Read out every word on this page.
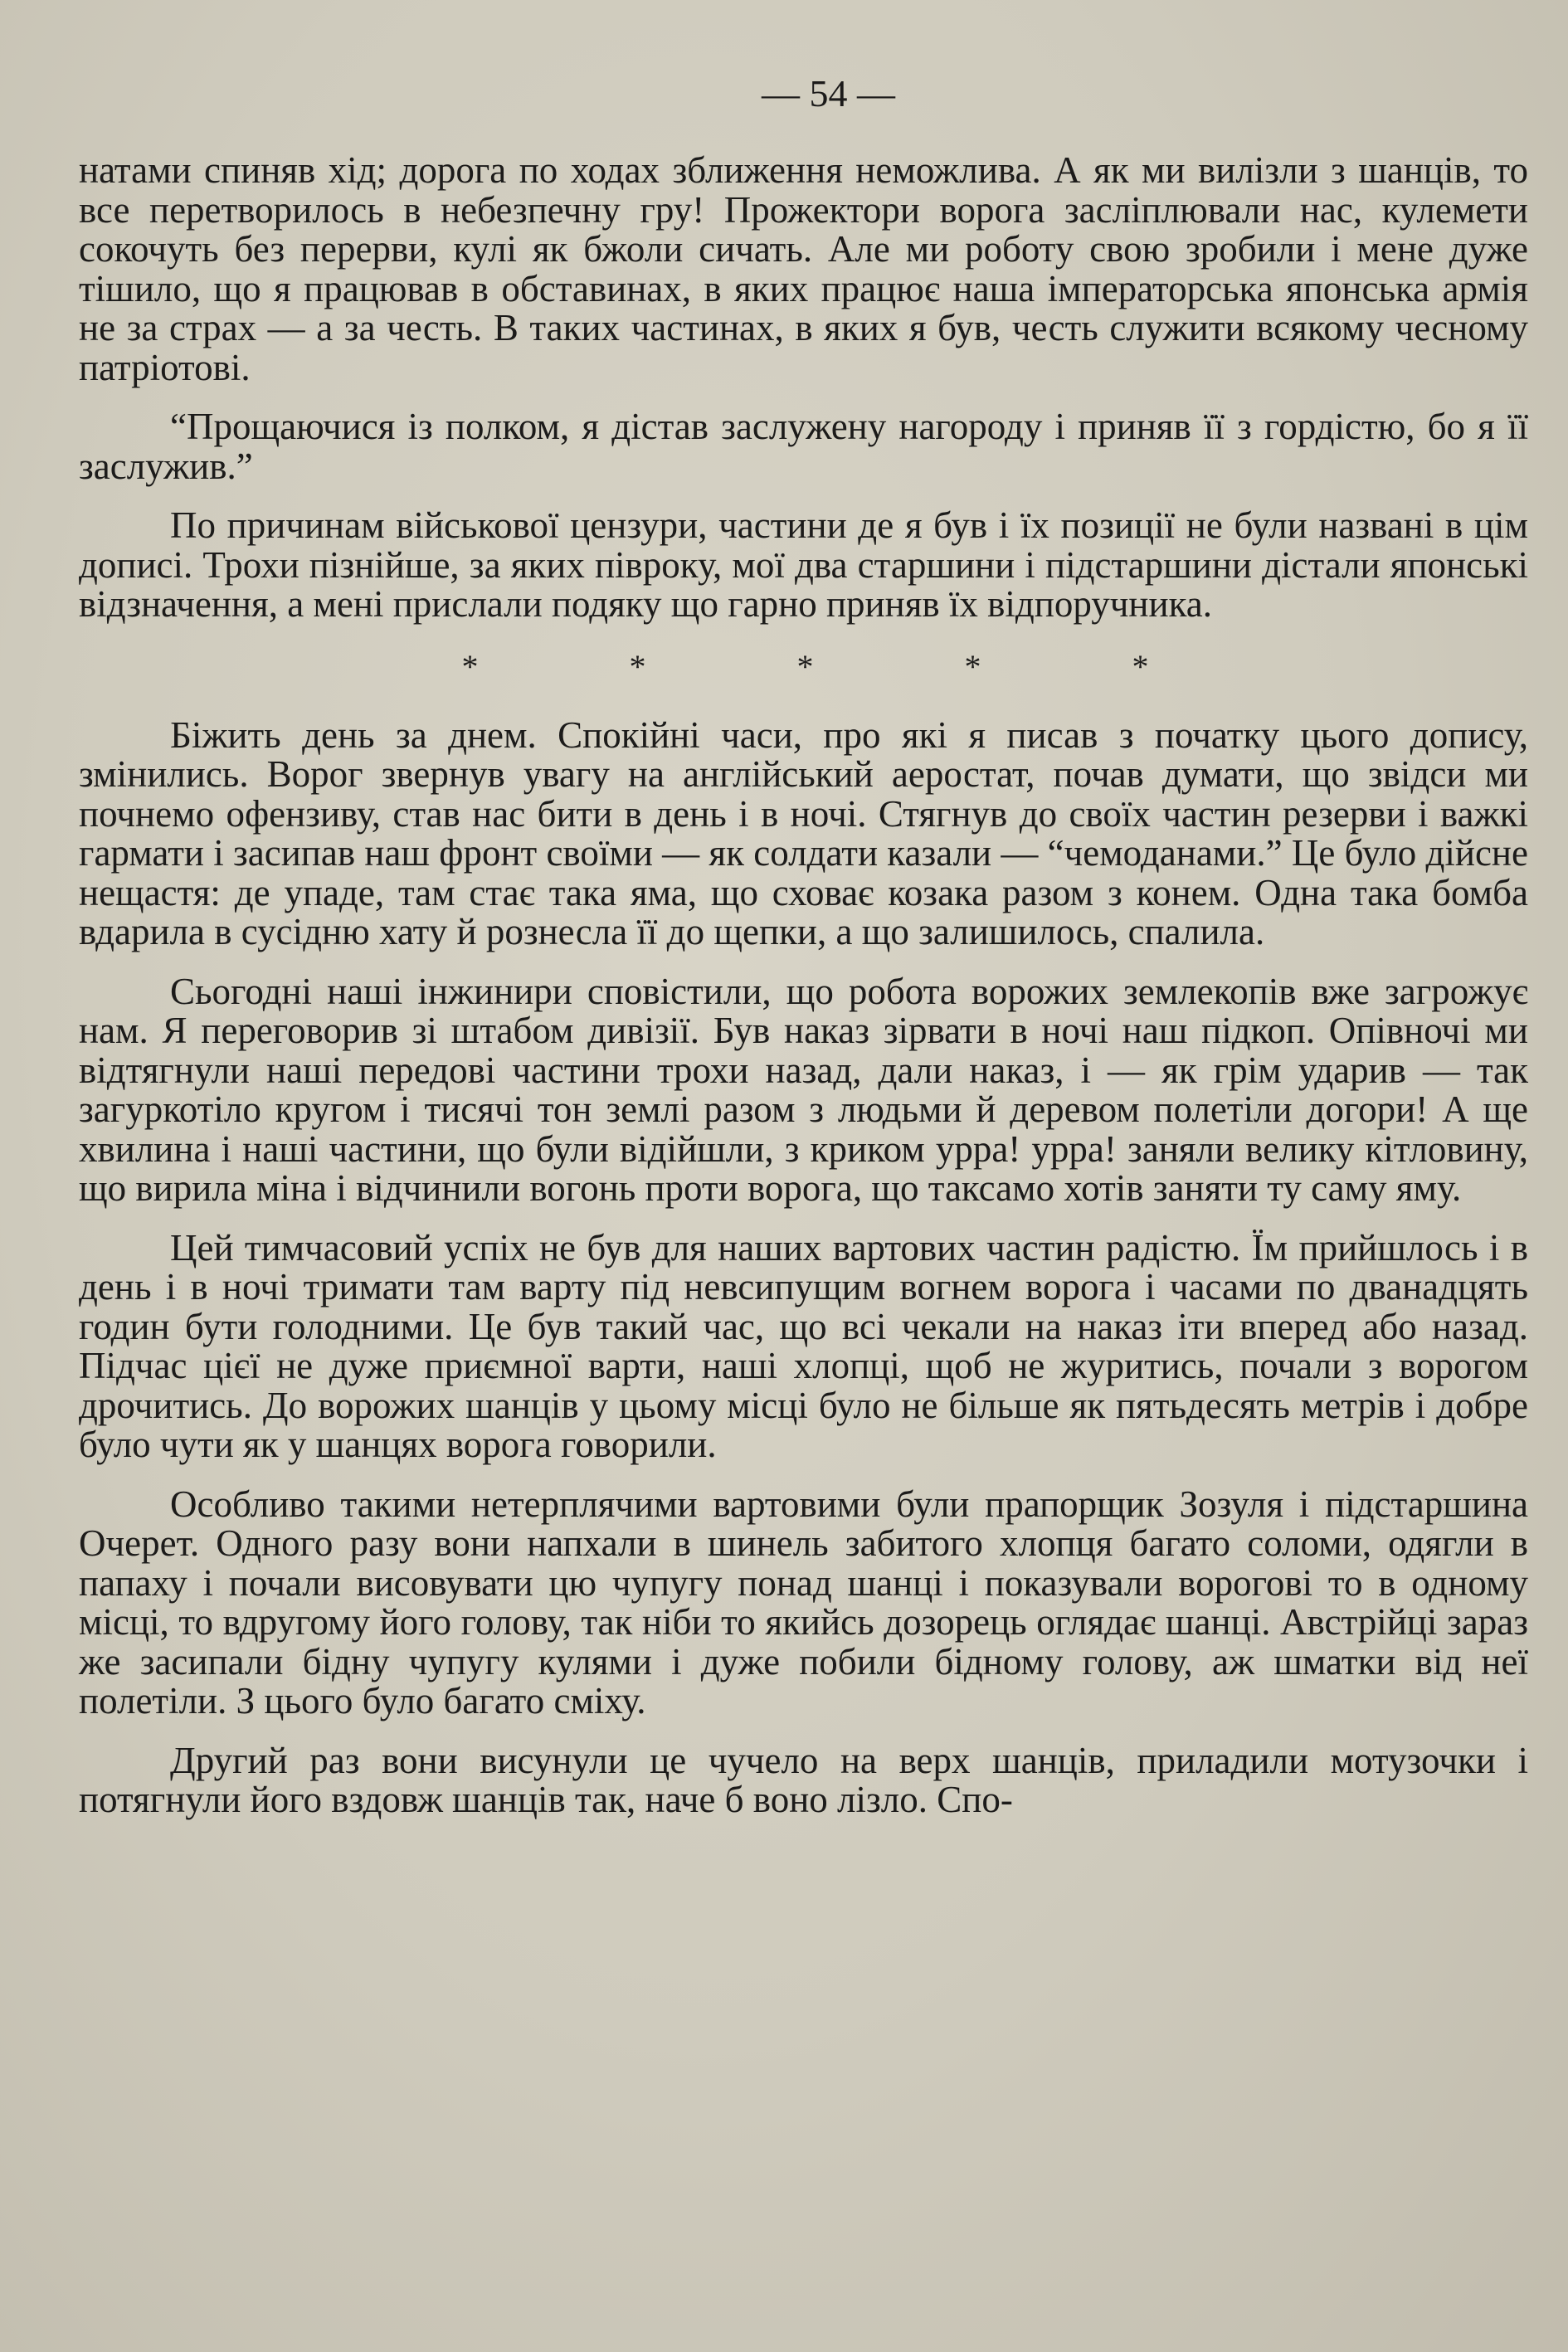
— 54 —

натами спиняв хід; дорога по ходах зближення неможлива. А як ми вилізли з шанців, то все перетворилось в небезпечну гру! Прожектори ворога засліплювали нас, кулемети сокочуть без перерви, кулі як бжоли сичать. Але ми роботу свою зробили і мене дуже тішило, що я працював в обставинах, в яких працює наша імператорська японська армія не за страх — а за честь. В таких частинах, в яких я був, честь служити всякому чесному патріотові.

“Прощаючися із полком, я дістав заслужену нагороду і приняв її з гордістю, бо я її заслужив.”

По причинам військової цензури, частини де я був і їх позиції не були названі в цім дописі. Трохи пізнійше, за яких півроку, мої два старшини і підстаршини дістали японські відзначення, а мені прислали подяку що гарно приняв їх відпоручника.

* * * * *

Біжить день за днем. Спокійні часи, про які я писав з початку цього допису, змінились. Ворог звернув увагу на англійський аеростат, почав думати, що звідси ми почнемо офензиву, став нас бити в день і в ночі. Стягнув до своїх частин резерви і важкі гармати і засипав наш фронт своїми — як солдати казали — “чемоданами.” Це було дійсне нещастя: де упаде, там стає така яма, що сховає козака разом з конем. Одна така бомба вдарила в сусідню хату й рознесла її до щепки, а що залишилось, спалила.

Сьогодні наші інжинири сповістили, що робота ворожих землекопів вже загрожує нам. Я переговорив зі штабом дивізії. Був наказ зірвати в ночі наш підкоп. Опівночі ми відтягнули наші передові частини трохи назад, дали наказ, і — як грім ударив — так загуркотіло кругом і тисячі тон землі разом з людьми й деревом полетіли догори! А ще хвилина і наші частини, що були відійшли, з криком урра! урра! заняли велику кітловину, що вирила міна і відчинили вогонь проти ворога, що таксамо хотів заняти ту саму яму.

Цей тимчасовий успіх не був для наших вартових частин радістю. Їм прийшлось і в день і в ночі тримати там варту під невсипущим вогнем ворога і часами по дванадцять годин бути голодними. Це був такий час, що всі чекали на наказ іти вперед або назад. Підчас цієї не дуже приємної варти, наші хлопці, щоб не журитись, почали з ворогом дрочитись. До ворожих шанців у цьому місці було не більше як пятьдесять метрів і добре було чути як у шанцях ворога говорили.

Особливо такими нетерплячими вартовими були прапорщик Зозуля і підстаршина Очерет. Одного разу вони напхали в шинель забитого хлопця багато соломи, одягли в папаху і почали висовувати цю чупугу понад шанці і показували ворогові то в одному місці, то вдругому його голову, так ніби то якийсь дозорець оглядає шанці. Австрійці зараз же засипали бідну чупугу кулями і дуже побили бідному голову, аж шматки від неї полетіли. З цього було багато сміху.

Другий раз вони висунули це чучело на верх шанців, приладили мотузочки і потягнули його вздовж шанців так, наче б воно лізло. Спо-
